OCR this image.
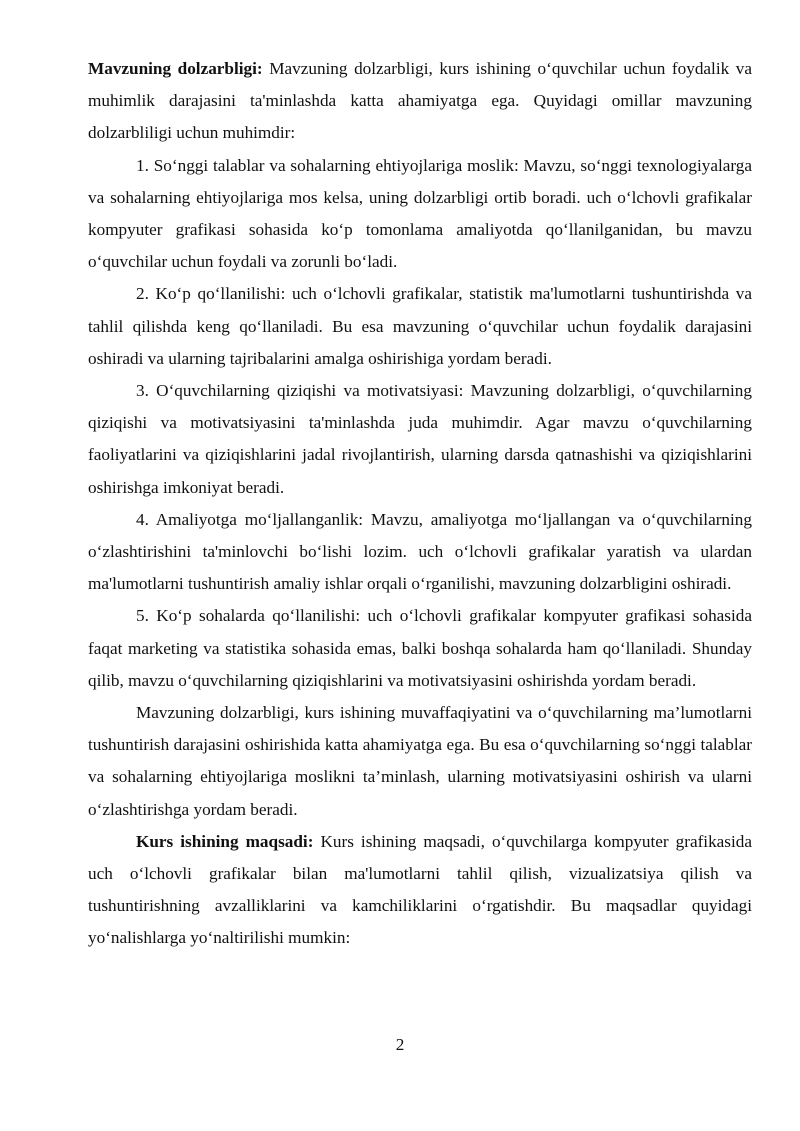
Mavzuning dolzarbligi: Mavzuning dolzarbligi, kurs ishining o‘quvchilar uchun foydalik va muhimlik darajasini ta'minlashda katta ahamiyatga ega. Quyidagi omillar mavzuning dolzarbliligi uchun muhimdir:

1. So‘nggi talablar va sohalarning ehtiyojlariga moslik: Mavzu, so‘nggi texnologiyalarga va sohalarning ehtiyojlariga mos kelsa, uning dolzarbligi ortib boradi. uch o‘lchovli grafikalar kompyuter grafikasi sohasida ko‘p tomonlama amaliyotda qo‘llanilganidan, bu mavzu o‘quvchilar uchun foydali va zorunli bo‘ladi.

2. Ko‘p qo‘llanilishi: uch o‘lchovli grafikalar, statistik ma'lumotlarni tushuntirishda va tahlil qilishda keng qo‘llaniladi. Bu esa mavzuning o‘quvchilar uchun foydalik darajasini oshiradi va ularning tajribalarini amalga oshirishiga yordam beradi.

3. O‘quvchilarning qiziqishi va motivatsiyasi: Mavzuning dolzarbligi, o‘quvchilarning qiziqishi va motivatsiyasini ta'minlashda juda muhimdir. Agar mavzu o‘quvchilarning faoliyatlarini va qiziqishlarini jadal rivojlantirish, ularning darsda qatnashishi va qiziqishlarini oshirishga imkoniyat beradi.

4. Amaliyotga mo‘ljallanganlik: Mavzu, amaliyotga mo‘ljallangan va o‘quvchilarning o‘zlashtirishini ta'minlovchi bo‘lishi lozim. uch o‘lchovli grafikalar yaratish va ulardan ma'lumotlarni tushuntirish amaliy ishlar orqali o‘rganilishi, mavzuning dolzarbligini oshiradi.

5. Ko‘p sohalarda qo‘llanilishi: uch o‘lchovli grafikalar kompyuter grafikasi sohasida faqat marketing va statistika sohasida emas, balki boshqa sohalarda ham qo‘llaniladi. Shunday qilib, mavzu o‘quvchilarning qiziqishlarini va motivatsiyasini oshirishda yordam beradi.

Mavzuning dolzarbligi, kurs ishining muvaffaqiyatini va o‘quvchilarning ma’lumotlarni tushuntirish darajasini oshirishida katta ahamiyatga ega. Bu esa o‘quvchilarning so‘nggi talablar va sohalarning ehtiyojlariga moslikni ta’minlash, ularning motivatsiyasini oshirish va ularni o‘zlashtirishga yordam beradi.

Kurs ishining maqsadi: Kurs ishining maqsadi, o‘quvchilarga kompyuter grafikasida uch o‘lchovli grafikalar bilan ma'lumotlarni tahlil qilish, vizualizatsiya qilish va tushuntirishning avzalliklarini va kamchiliklarini o‘rgatishdir. Bu maqsadlar quyidagi yo‘nalishlarga yo‘naltirilishi mumkin:

2
